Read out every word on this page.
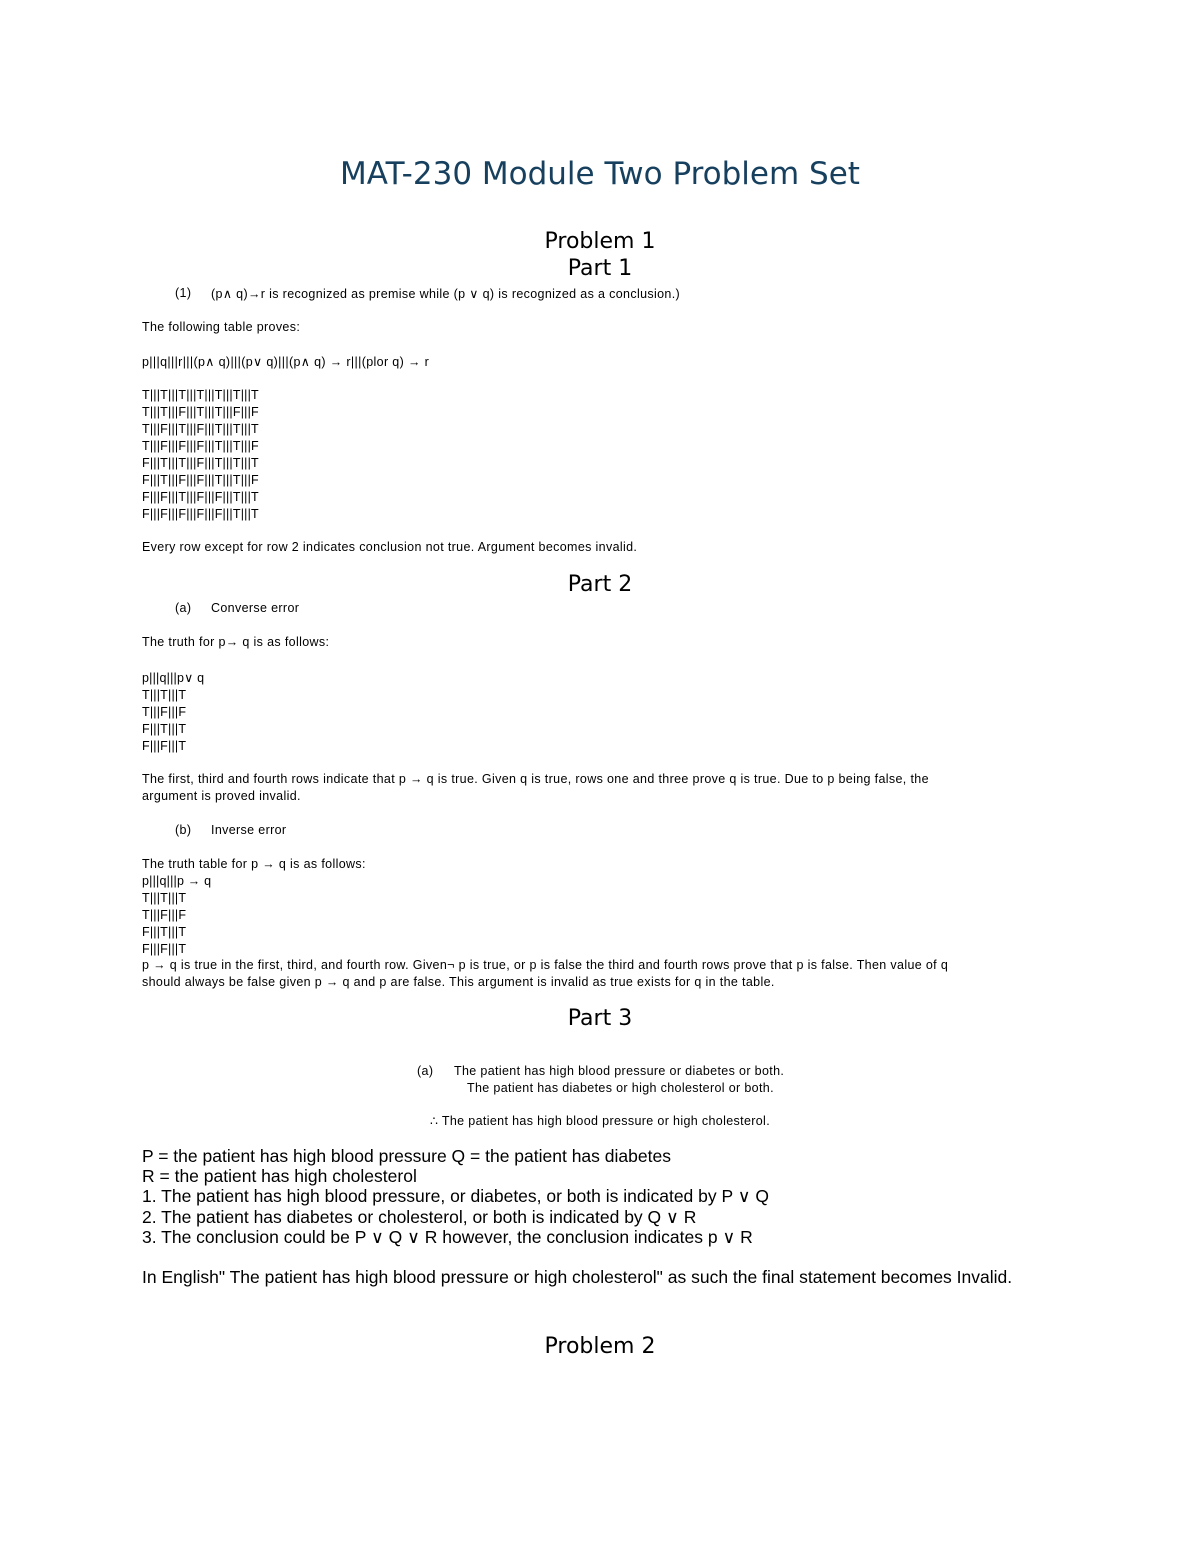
MAT-230 Module Two Problem Set
Problem 1
Part 1
(1) (p∧ q)→r is recognized as premise while (p ∨ q) is recognized as a conclusion.)
The following table proves:
p|||q|||r|||(p∧ q)|||(p∨ q)|||(p∧ q) → r|||(plor q) → r
T|||T|||T|||T|||T|||T|||T
T|||T|||F|||T|||T|||F|||F
T|||F|||T|||F|||T|||T|||T
T|||F|||F|||F|||T|||T|||F
F|||T|||T|||F|||T|||T|||T
F|||T|||F|||F|||T|||T|||F
F|||F|||T|||F|||F|||T|||T
F|||F|||F|||F|||F|||T|||T
Every row except for row 2 indicates conclusion not true. Argument becomes invalid.
Part 2
(a) Converse error
The truth for p→ q is as follows:
p|||q|||p∨ q
T|||T|||T
T|||F|||F
F|||T|||T
F|||F|||T
The first, third and fourth rows indicate that p → q is true. Given q is true, rows one and three prove q is true. Due to p being false, the
argument is proved invalid.
(b) Inverse error
The truth table for p → q is as follows:
p|||q|||p → q
T|||T|||T
T|||F|||F
F|||T|||T
F|||F|||T
p → q is true in the first, third, and fourth row. Given¬ p is true, or p is false the third and fourth rows prove that p is false. Then value of q
should always be false given p → q and p are false. This argument is invalid as true exists for q in the table.
Part 3
(a) The patient has high blood pressure or diabetes or both.
The patient has diabetes or high cholesterol or both.
∴ The patient has high blood pressure or high cholesterol.
P = the patient has high blood pressure Q = the patient has diabetes
R = the patient has high cholesterol
1. The patient has high blood pressure, or diabetes, or both is indicated by P ∨ Q
2. The patient has diabetes or cholesterol, or both is indicated by Q ∨ R
3. The conclusion could be P ∨ Q ∨ R however, the conclusion indicates p ∨ R
In English" The patient has high blood pressure or high cholesterol" as such the final statement becomes Invalid.
Problem 2
